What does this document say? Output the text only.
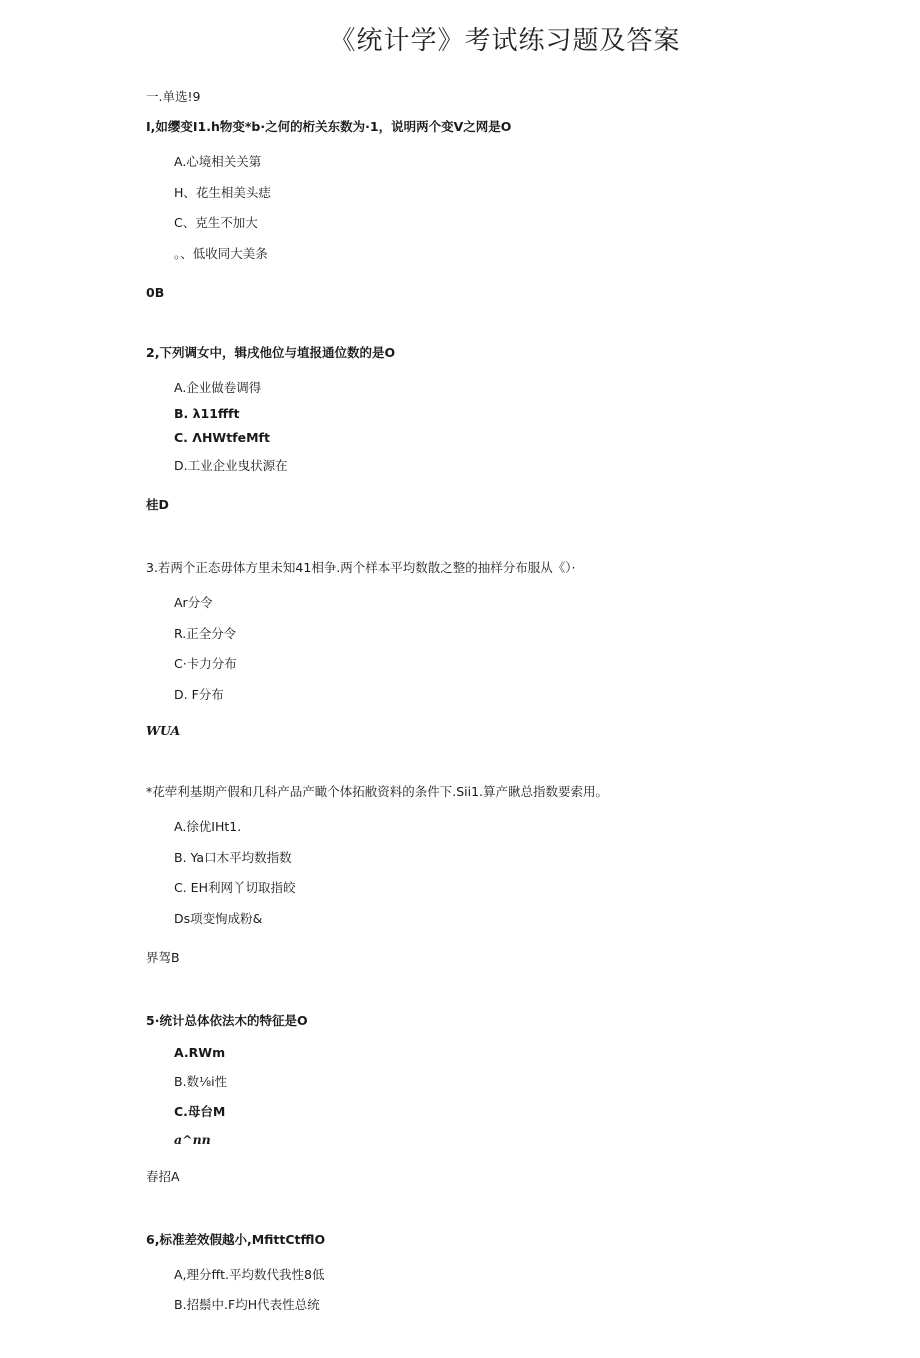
《统计学》考试练习题及答案
一.单选!9
I,如缨变I1.h物变*b·之何的桁关东数为·1，说明两个变V之网是O
A.心境相关关第
H、花生相美头痣
C、克生不加大
。、低收同大美条
0B
2,下列调女中，辑戌他位与埴报通位数的是O
A.企业做卷调得
B. λ11ffft
C. ΛHWtfeMft
D.工业企业曳状源在
桂D
3.若两个正态毋体方里未知41相争.两个样本平均数散之整的抽样分布服从《）·
Ar分令
R.正全分令
C·卡力分布
D. F分布
WUA
*花荦利基期产假和几科产品产瞰个体拓敝资料的条件下.Sii1.算产瞅总指数要索用。
A.徐优IHt1.
B. Ya口木平均数指数
C. EH利网丫切取指皎
Ds项变恂成粉&
界驾B
5·统计总体依法木的特征是O
A.RWm
B.数⅛i性
C.母台M
a^nn
春招A
6,标准差效假越小,MfittCtfflO
A,理分fft.平均数代我性8低
B.招鬃中.F均H代表性总统
